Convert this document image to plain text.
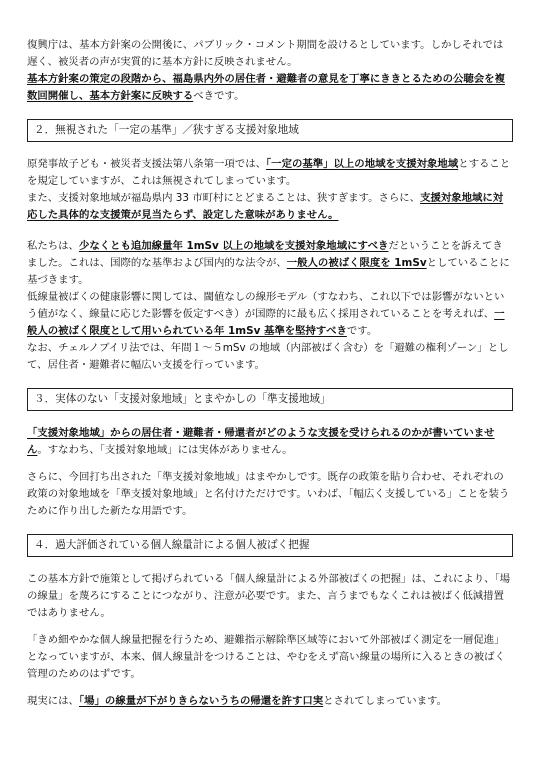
復興庁は、基本方針案の公開後に、パブリック・コメント期間を設けるとしています。しかしそれでは遅く、被災者の声が実質的に基本方針に反映されません。

基本方針案の策定の段階から、福島県内外の居住者・避難者の意見を丁寧にききとるための公聴会を複数回開催し、基本方針案に反映するべきです。

２．無視された「一定の基準」／狭すぎる支援対象地域

原発事故子ども・被災者支援法第八条第一項では、「一定の基準」以上の地域を支援対象地域とすることを規定していますが、これは無視されてしまっています。

また、支援対象地域が福島県内 33 市町村にとどまることは、狭すぎます。さらに、支援対象地域に対応した具体的な支援策が見当たらず、設定した意味がありません。

私たちは、少なくとも追加線量年 1mSv 以上の地域を支援対象地域にすべきだということを訴えてきました。これは、国際的な基準および国内的な法令が、一般人の被ばく限度を 1mSvとしていることに基づきます。

低線量被ばくの健康影響に関しては、閾値なしの線形モデル（すなわち、これ以下では影響がないという値がなく、線量に応じた影響を仮定すべき）が国際的に最も広く採用されていることを考えれば、一般人の被ばく限度として用いられている年 1mSv 基準を堅持すべきです。

なお、チェルノブイリ法では、年間１～５mSv の地域（内部被ばく含む）を「避難の権利ゾーン」として、居住者・避難者に幅広い支援を行っています。

３．実体のない「支援対象地域」とまやかしの「準支援地域」

「支援対象地域」からの居住者・避難者・帰還者がどのような支援を受けられるのかが書いていません。すなわち、「支援対象地域」には実体がありません。

さらに、今回打ち出された「準支援対象地域」はまやかしです。既存の政策を貼り合わせ、それぞれの政策の対象地域を「準支援対象地域」と名付けただけです。いわば、「幅広く支援している」ことを装うために作り出した新たな用語です。

４．過大評価されている個人線量計による個人被ばく把握

この基本方針で施策として掲げられている「個人線量計による外部被ばくの把握」は、これにより、「場の線量」を蔑ろにすることにつながり、注意が必要です。また、言うまでもなくこれは被ばく低減措置ではありません。

「きめ細やかな個人線量把握を行うため、避難指示解除準区域等において外部被ばく測定を一層促進」となっていますが、本来、個人線量計をつけることは、やむをえず高い線量の場所に入るときの被ばく管理のためのはずです。

現実には、「場」の線量が下がりきらないうちの帰還を許す口実とされてしまっています。
